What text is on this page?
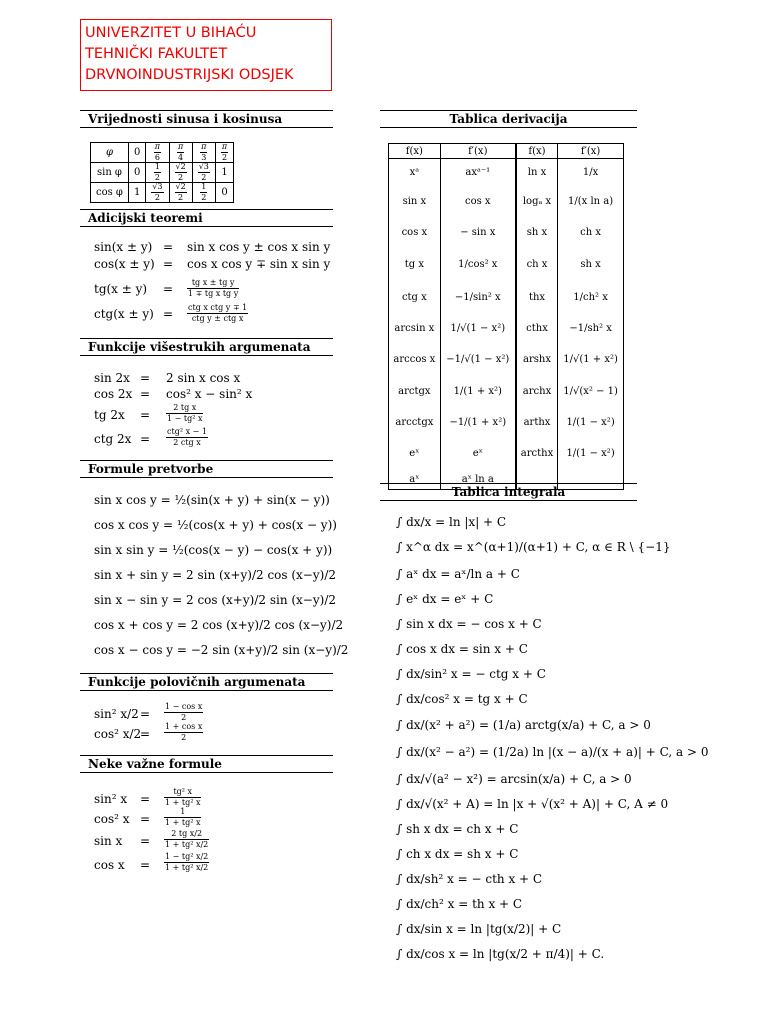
UNIVERZITET U BIHAĆU
TEHNIČKI FAKULTET
DRVNOINDUSTRIJSKI ODSJEK
Vrijednosti sinusa i kosinusa
φ	0	$\frac{\pi}{6}$	$\frac{\pi}{4}$	$\frac{\pi}{3}$	$\frac{\pi}{2}$

sin φ	0	$\frac{1}{2}$	$\frac{√2}{2}$	$\frac{√3}{2}$	1
cos φ	1	$\frac{√3}{2}$	$\frac{√2}{2}$	$\frac{1}{2}$	0
Adicijski teoremi
sin(x ± y) = sin x cos y ± cos x sin y
cos(x ± y) = cos x cos y ∓ sin x sin y
$tg(x \pm y) = \frac{\text{tg x ± tg y}}{\text{1 ∓ tg x tg y}}$
ctg(x ± y) = ctg x ctg y ∓ 1
ctg y ± ctg x
Funkcije višestrukih argumenata
sin 2x = 2 sin x cos x
cos 2x = cos² x − sin² x
tg $2x = \frac{\text{2 tg x}}{\text{1 − tg² x}}$
ctg 2x =
ctg² x − 1
2 ctg x
Formule pretvorbe
sin x cos y = ½(sin(x + y) + sin(x − y))
cos x cos y = ½(cos(x + y) + cos(x − y))
sin x sin y = ½(cos(x − y) − cos(x + y))
sin x + sin y = 2 sin (x+y)/2 cos (x−y)/2
sin x − sin y = 2 cos (x+y)/2 sin (x−y)/2
cos x + cos y = 2 cos (x+y)/2 cos (x−y)/2
cos x − cos y = −2 sin (x+y)/2 sin (x−y)/2
Funkcije polovičnih argumenata
sin² $x/2 = \frac{\text{1 − cos x}}{2}$
cos² x/2
= $\frac{\text{1 + cos x}}{2}$
Neke važne formule
sin² $x = \frac{\text{tg² x}}{\text{1 + tg² x}}$
cos² $x = \frac{1}{\text{1 + tg² x}}$
$\sin x = \frac{\text{2 tg x/2}}{\text{1 + tg² x/2}}$
$\cos x = \frac{\text{1 − tg² x/2}}{\text{1 + tg² x/2}}$
Tablica derivacija
f(x)	f′(x)	f(x)	f′(x)
xᵃ	axᵃ⁻¹	ln x	1/x
sin x	cos x	logₐ x	1/(x ln a)
cos x	− sin x	sh x	ch x
tg x	1/cos² x	ch x	sh x
ctg x	−1/sin² x	thx	1/ch² x
arcsin x	1/√(1 − x²)	cthx	−1/sh² x
arccos x	−1/√(1 − x²)	arshx	1/√(1 + x²)
arctgx	1/(1 + x²)	archx	1/√(x² − 1)
arcctgx	−1/(1 + x²)	arthx	1/(1 − x²)
eˣ	eˣ	arcthx	1/(1 − x²)
aˣ	aˣ ln a		
Tablica integrala
∫ dx/x = ln |x| + C
∫ x^α dx = x^(α+1)/(α+1) + C, α ∈ R \ {−1}
∫ aˣ dx = aˣ/ln a + C
∫ eˣ dx = eˣ + C
∫ sin x dx = − cos x + C
∫ cos x dx = sin x + C
∫ dx/sin² x = − ctg x + C
∫ dx/cos² x = tg x + C
∫ dx/(x² + a²) = (1/a) arctg(x/a) + C, a > 0
∫ dx/(x² − a²) = (1/2a) ln |(x − a)/(x + a)| + C, a > 0
∫ dx/√(a² − x²) = arcsin(x/a) + C, a > 0
∫ dx/√(x² + A) = ln |x + √(x² + A)| + C, A ≠ 0
∫ sh x dx = ch x + C
∫ ch x dx = sh x + C
∫ dx/sh² x = − cth x + C
∫ dx/ch² x = th x + C
∫ dx/sin x = ln |tg(x/2)| + C
∫ dx/cos x = ln |tg(x/2 + π/4)| + C.
